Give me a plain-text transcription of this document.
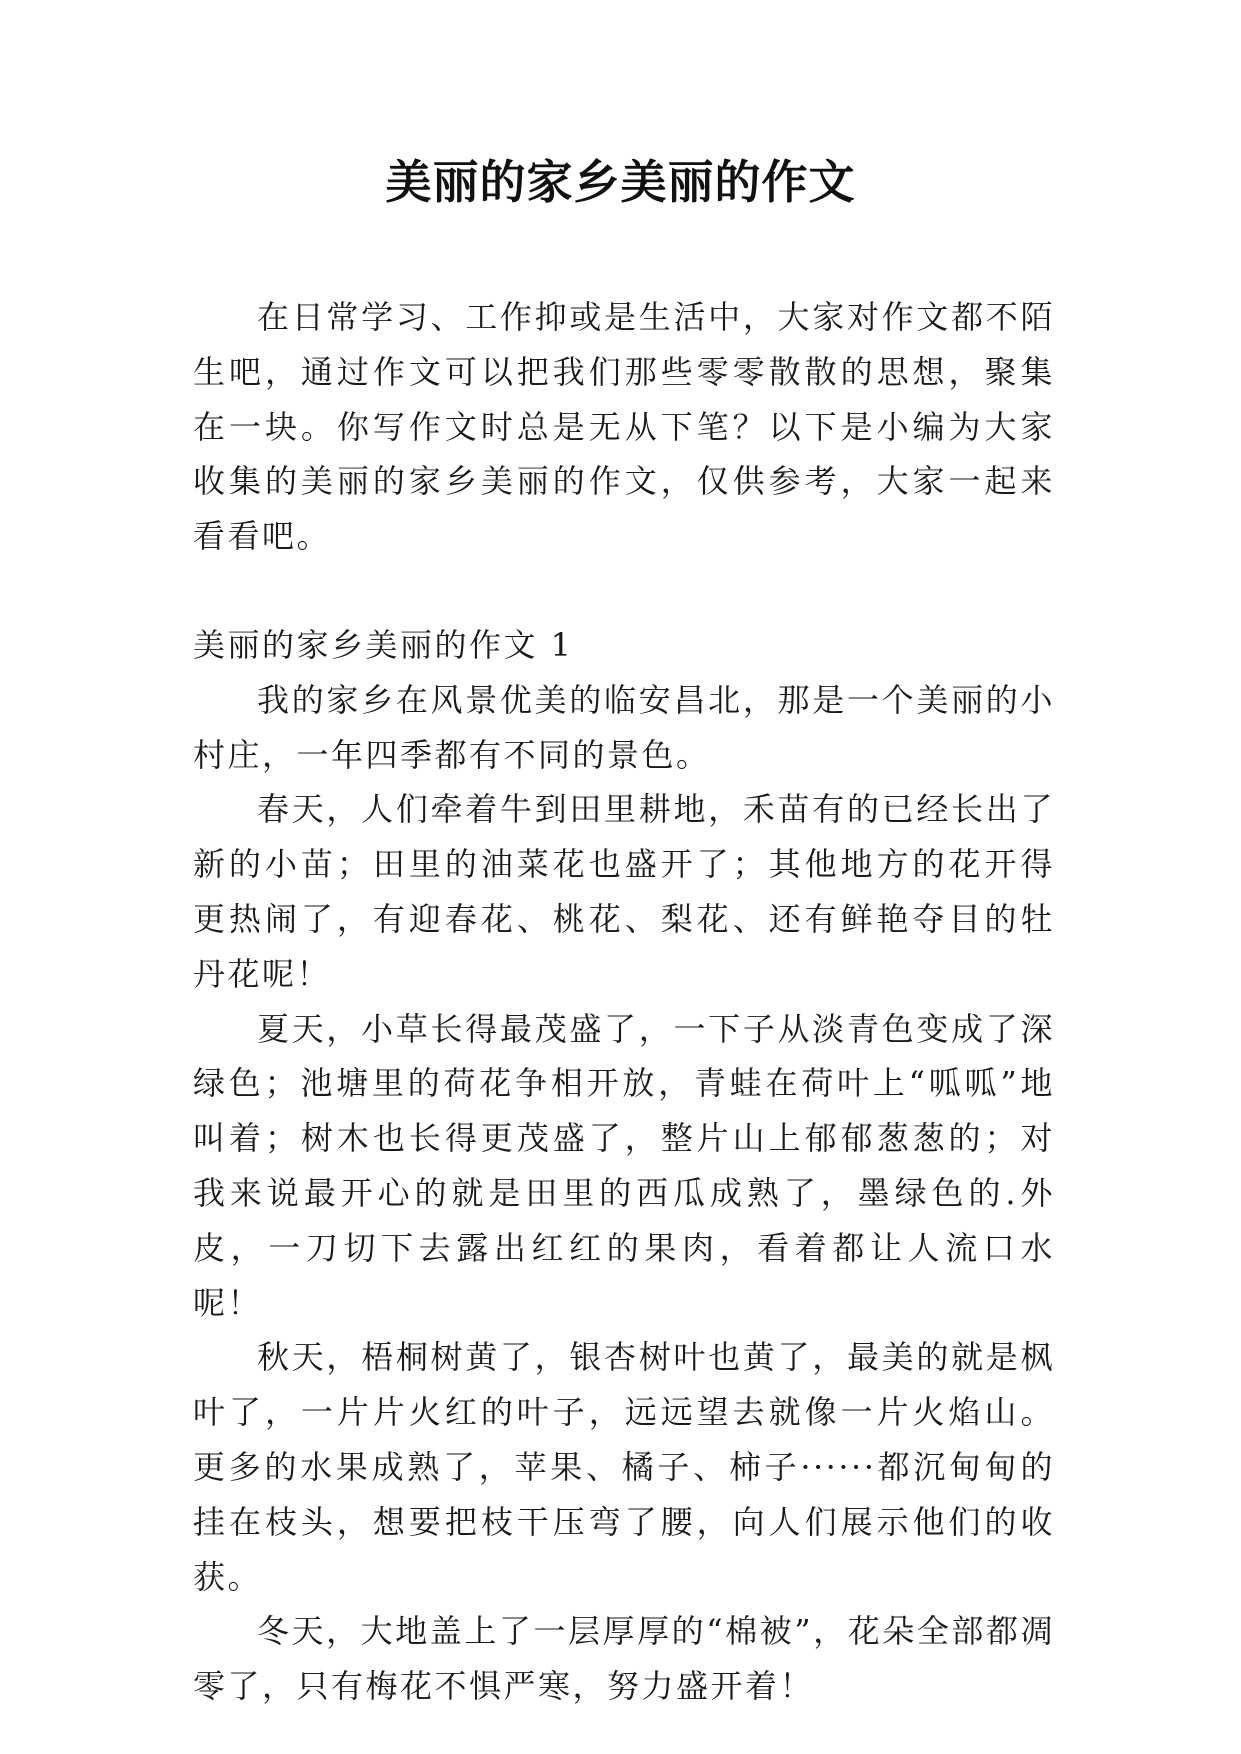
美丽的家乡美丽的作文

在日常学习、工作抑或是生活中，大家对作文都不陌生吧，通过作文可以把我们那些零零散散的思想，聚集在一块。你写作文时总是无从下笔？以下是小编为大家收集的美丽的家乡美丽的作文，仅供参考，大家一起来看看吧。

美丽的家乡美丽的作文 1

我的家乡在风景优美的临安昌北，那是一个美丽的小村庄，一年四季都有不同的景色。

春天，人们牵着牛到田里耕地，禾苗有的已经长出了新的小苗；田里的油菜花也盛开了；其他地方的花开得更热闹了，有迎春花、桃花、梨花、还有鲜艳夺目的牡丹花呢！

夏天，小草长得最茂盛了，一下子从淡青色变成了深绿色；池塘里的荷花争相开放，青蛙在荷叶上“呱呱”地叫着；树木也长得更茂盛了，整片山上郁郁葱葱的；对我来说最开心的就是田里的西瓜成熟了，墨绿色的.外皮，一刀切下去露出红红的果肉，看着都让人流口水呢！

秋天，梧桐树黄了，银杏树叶也黄了，最美的就是枫叶了，一片片火红的叶子，远远望去就像一片火焰山。更多的水果成熟了，苹果、橘子、柿子······都沉甸甸的挂在枝头，想要把枝干压弯了腰，向人们展示他们的收获。

冬天，大地盖上了一层厚厚的“棉被”，花朵全部都凋零了，只有梅花不惧严寒，努力盛开着！
